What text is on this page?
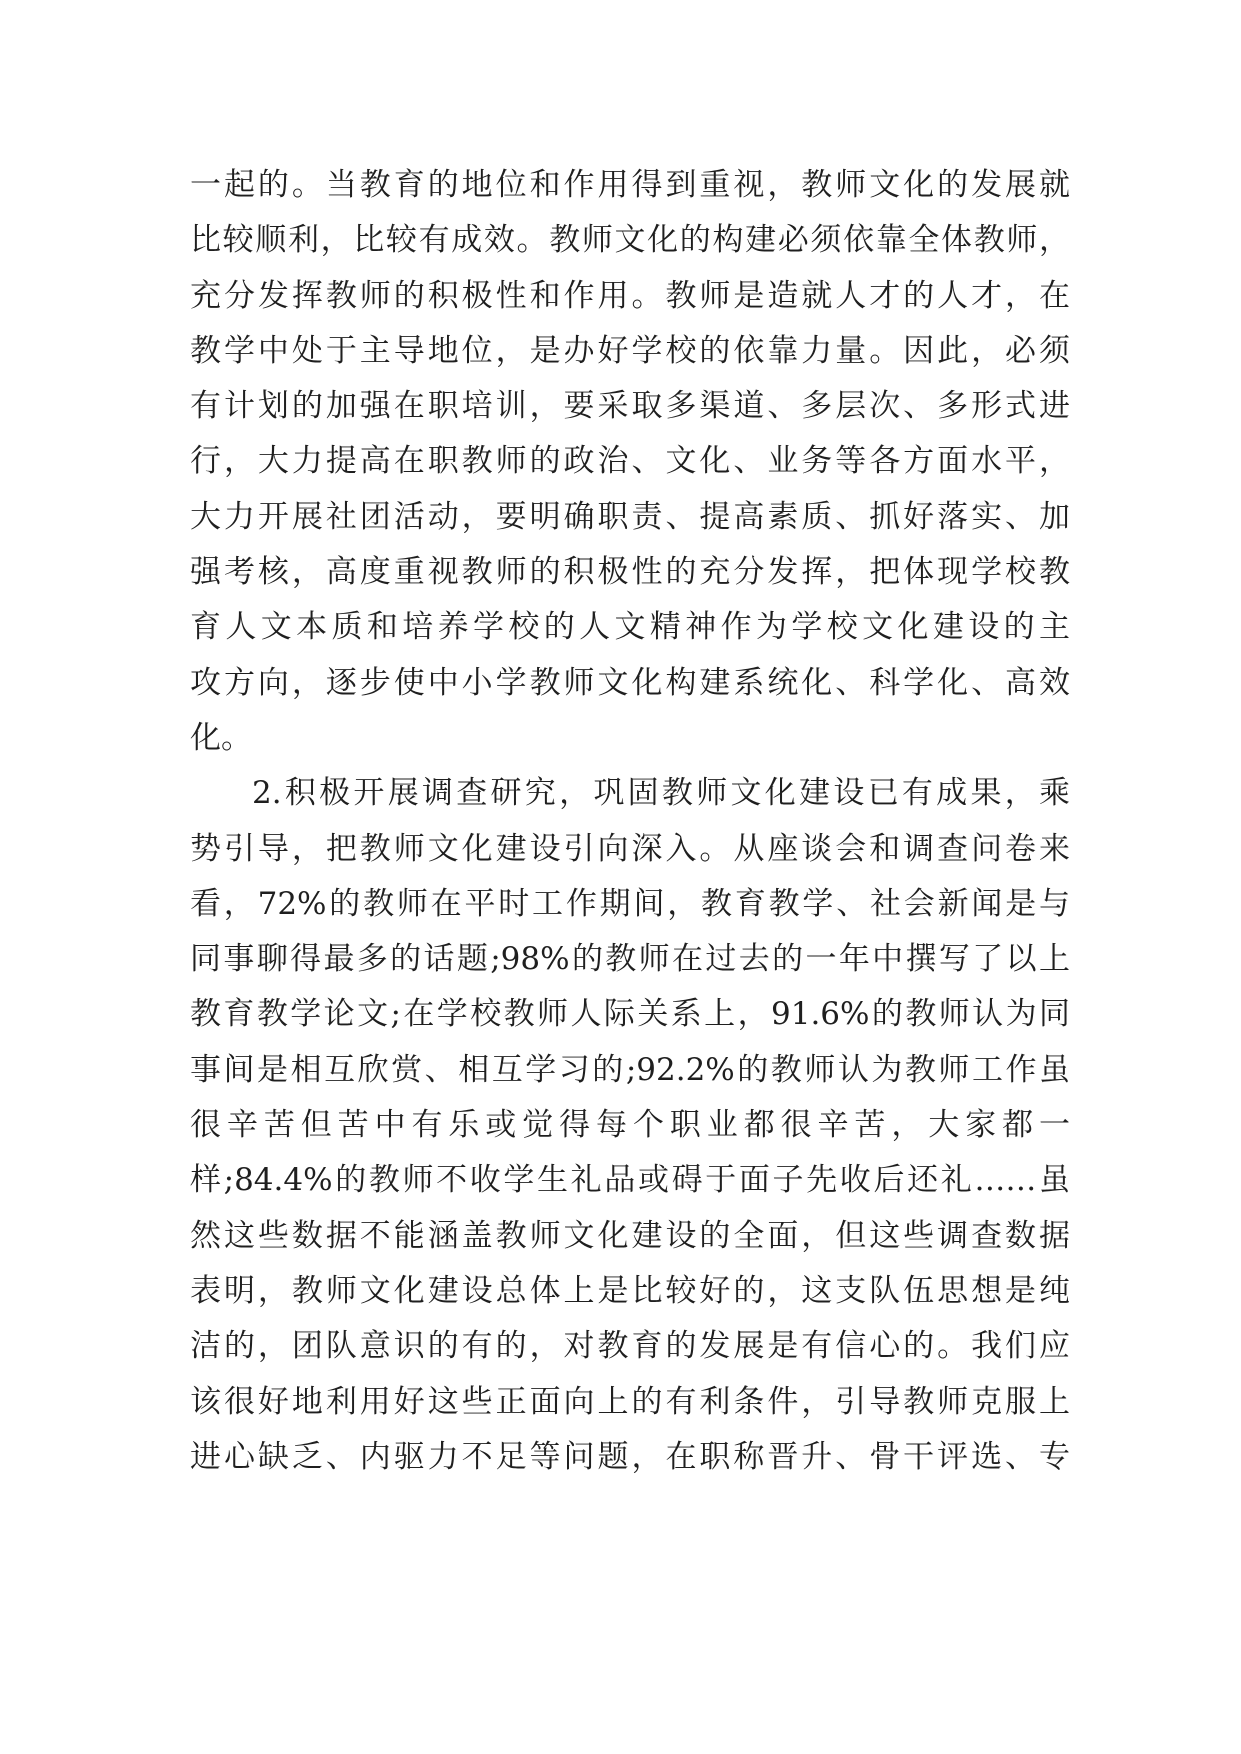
一起的。当教育的地位和作用得到重视，教师文化的发展就
比较顺利，比较有成效。教师文化的构建必须依靠全体教师，
充分发挥教师的积极性和作用。教师是造就人才的人才，在
教学中处于主导地位，是办好学校的依靠力量。因此，必须
有计划的加强在职培训，要采取多渠道、多层次、多形式进
行，大力提高在职教师的政治、文化、业务等各方面水平，
大力开展社团活动，要明确职责、提高素质、抓好落实、加
强考核，高度重视教师的积极性的充分发挥，把体现学校教
育人文本质和培养学校的人文精神作为学校文化建设的主
攻方向，逐步使中小学教师文化构建系统化、科学化、高效
化。
2.积极开展调查研究，巩固教师文化建设已有成果，乘
势引导，把教师文化建设引向深入。从座谈会和调查问卷来
看，72%的教师在平时工作期间，教育教学、社会新闻是与
同事聊得最多的话题;98%的教师在过去的一年中撰写了以上
教育教学论文;在学校教师人际关系上，91.6%的教师认为同
事间是相互欣赏、相互学习的;92.2%的教师认为教师工作虽
很辛苦但苦中有乐或觉得每个职业都很辛苦，大家都一
样;84.4%的教师不收学生礼品或碍于面子先收后还礼……虽
然这些数据不能涵盖教师文化建设的全面，但这些调查数据
表明，教师文化建设总体上是比较好的，这支队伍思想是纯
洁的，团队意识的有的，对教育的发展是有信心的。我们应
该很好地利用好这些正面向上的有利条件，引导教师克服上
进心缺乏、内驱力不足等问题，在职称晋升、骨干评选、专
